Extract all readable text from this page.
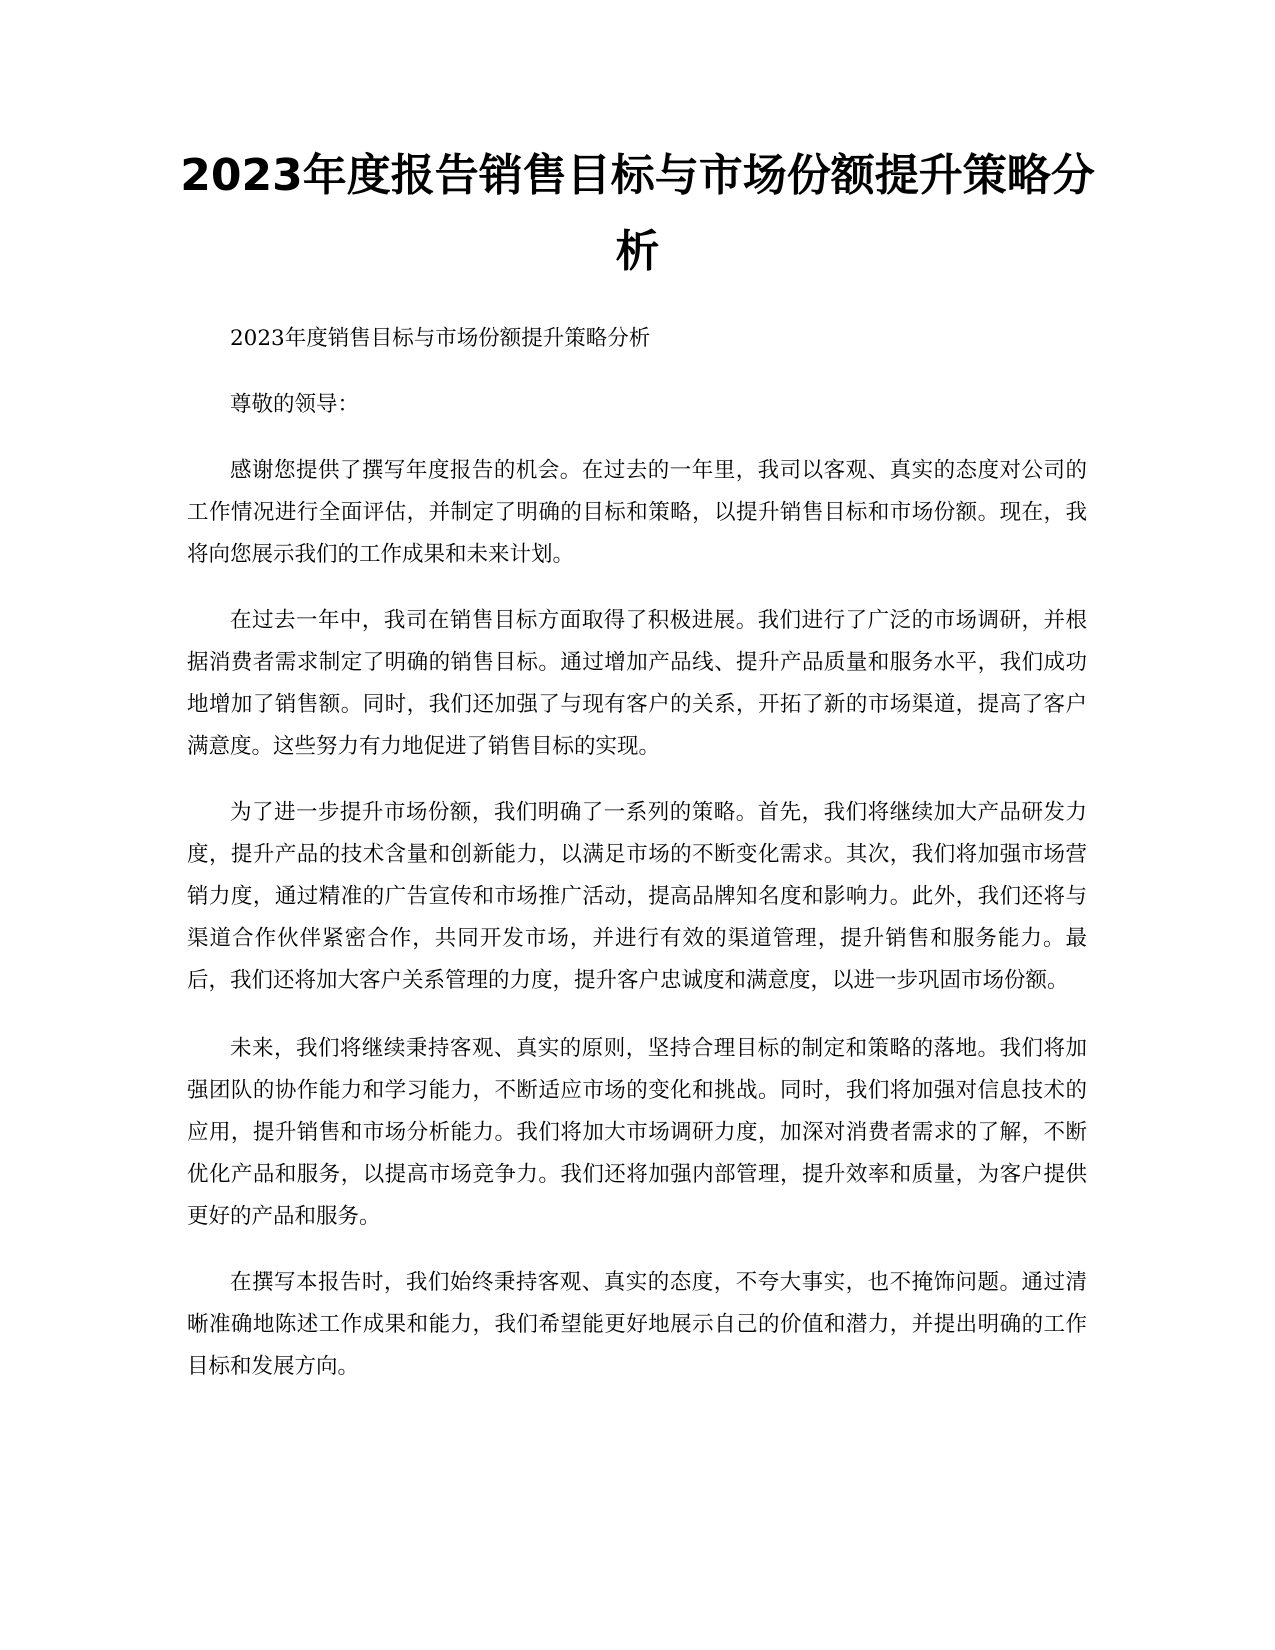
2023年度报告销售目标与市场份额提升策略分析

2023年度销售目标与市场份额提升策略分析

尊敬的领导：

感谢您提供了撰写年度报告的机会。在过去的一年里，我司以客观、真实的态度对公司的工作情况进行全面评估，并制定了明确的目标和策略，以提升销售目标和市场份额。现在，我将向您展示我们的工作成果和未来计划。

在过去一年中，我司在销售目标方面取得了积极进展。我们进行了广泛的市场调研，并根据消费者需求制定了明确的销售目标。通过增加产品线、提升产品质量和服务水平，我们成功地增加了销售额。同时，我们还加强了与现有客户的关系，开拓了新的市场渠道，提高了客户满意度。这些努力有力地促进了销售目标的实现。

为了进一步提升市场份额，我们明确了一系列的策略。首先，我们将继续加大产品研发力度，提升产品的技术含量和创新能力，以满足市场的不断变化需求。其次，我们将加强市场营销力度，通过精准的广告宣传和市场推广活动，提高品牌知名度和影响力。此外，我们还将与渠道合作伙伴紧密合作，共同开发市场，并进行有效的渠道管理，提升销售和服务能力。最后，我们还将加大客户关系管理的力度，提升客户忠诚度和满意度，以进一步巩固市场份额。

未来，我们将继续秉持客观、真实的原则，坚持合理目标的制定和策略的落地。我们将加强团队的协作能力和学习能力，不断适应市场的变化和挑战。同时，我们将加强对信息技术的应用，提升销售和市场分析能力。我们将加大市场调研力度，加深对消费者需求的了解，不断优化产品和服务，以提高市场竞争力。我们还将加强内部管理，提升效率和质量，为客户提供更好的产品和服务。

在撰写本报告时，我们始终秉持客观、真实的态度，不夸大事实，也不掩饰问题。通过清晰准确地陈述工作成果和能力，我们希望能更好地展示自己的价值和潜力，并提出明确的工作目标和发展方向。
